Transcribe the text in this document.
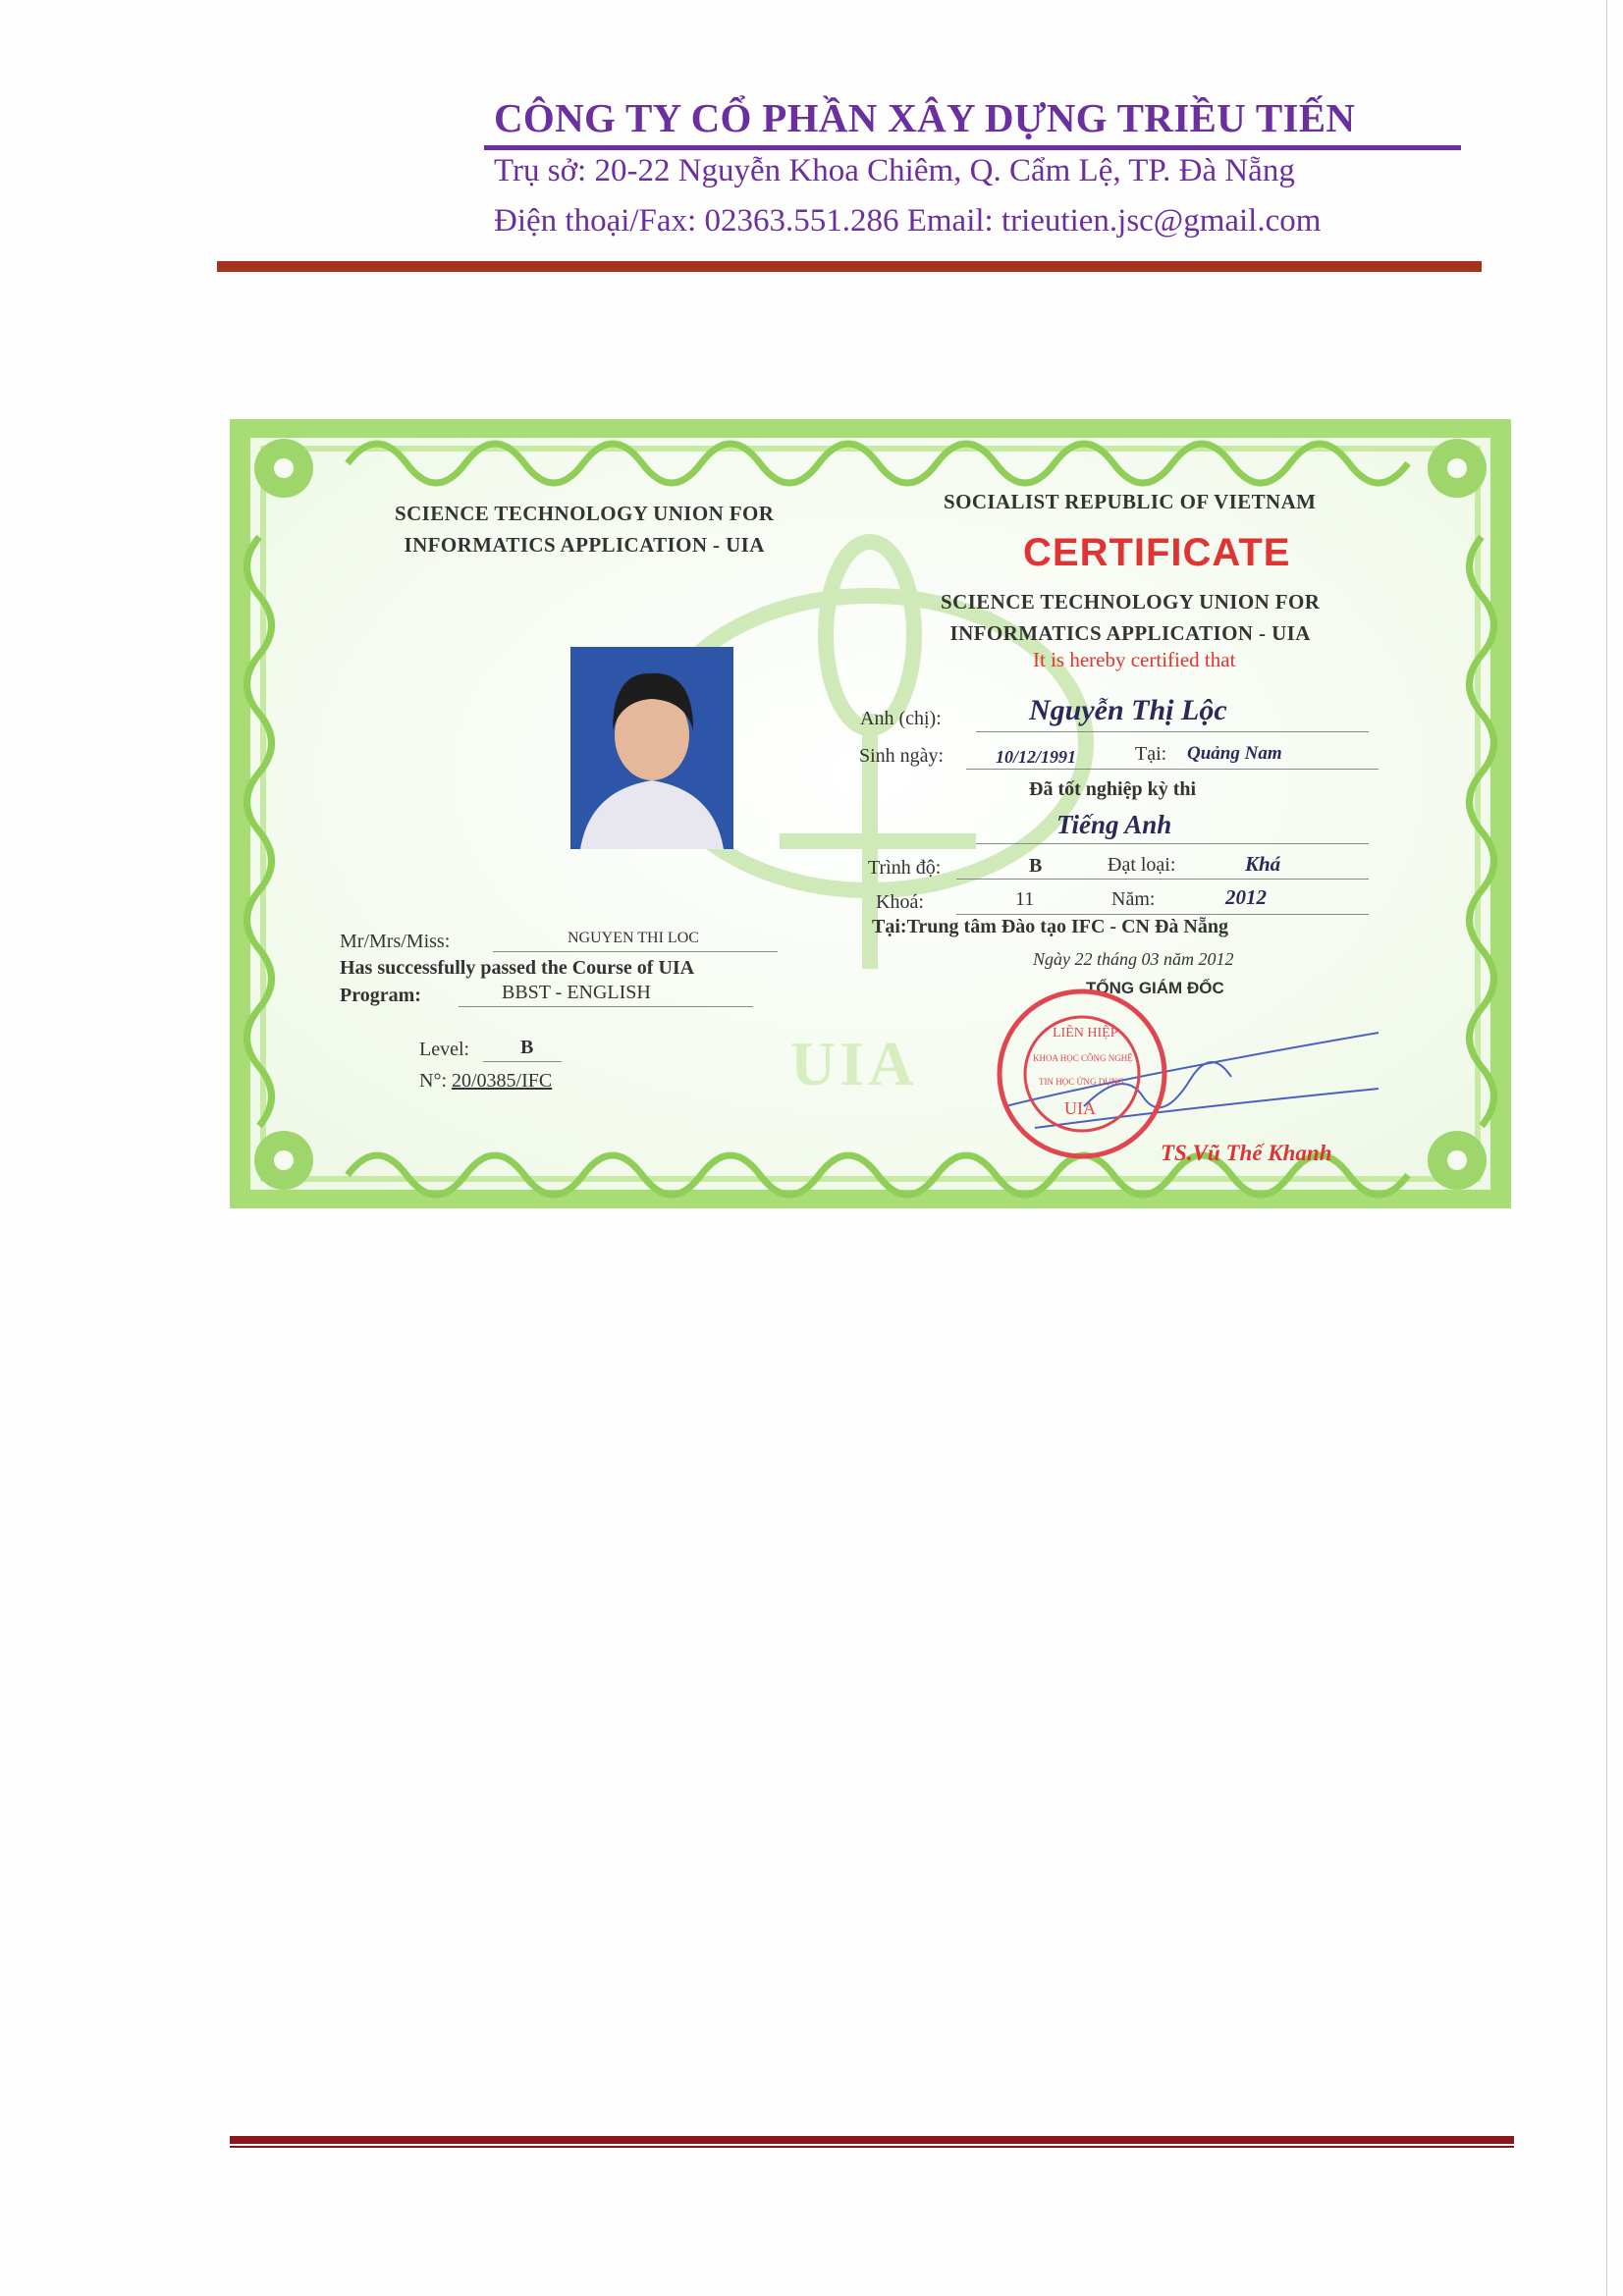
CÔNG TY CỔ PHẦN XÂY DỰNG TRIỀU TIẾN
Trụ sở: 20-22 Nguyễn Khoa Chiêm, Q. Cẩm Lệ, TP. Đà Nẵng
Điện thoại/Fax: 02363.551.286 Email: trieutien.jsc@gmail.com
UIA
SCIENCE TECHNOLOGY UNION FOR
INFORMATICS APPLICATION - UIA
SOCIALIST REPUBLIC OF VIETNAM
CERTIFICATE
SCIENCE TECHNOLOGY UNION FOR
INFORMATICS APPLICATION - UIA
It is hereby certified that
Anh (chị):	Nguyễn Thị Lộc
Sinh ngày:	10/12/1991	Tại: Quảng Nam
Đã tốt nghiệp kỳ thi
Tiếng Anh
Trình độ:	B	Đạt loại:	Khá
Khoá:	11	Năm:	2012
Tại:Trung tâm Đào tạo IFC - CN Đà Nẵng
Ngày 22 tháng 03 năm 2012
TỔNG GIÁM ĐỐC
TS.Vũ Thế Khanh
LIÊN HIỆP
KHOA HỌC CÔNG NGHỆ
TIN HỌC ỨNG DỤNG
UIA
Mr/Mrs/Miss:	NGUYEN THI LOC
Has successfully passed the Course of UIA
Program:	BBST - ENGLISH
Level:	B
N°: 20/0385/IFC
